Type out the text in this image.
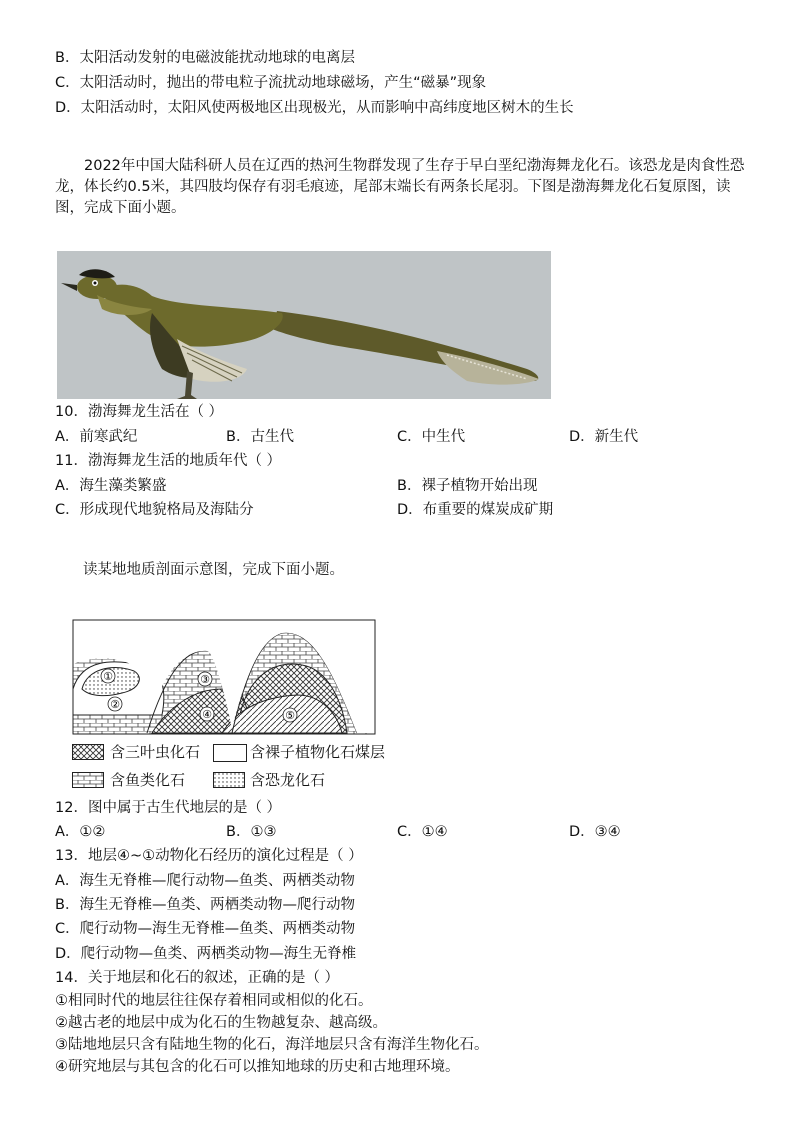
B．太阳活动发射的电磁波能扰动地球的电离层
C．太阳活动时，抛出的带电粒子流扰动地球磁场，产生“磁暴”现象
D．太阳活动时，太阳风使两极地区出现极光，从而影响中高纬度地区树木的生长
2022年中国大陆科研人员在辽西的热河生物群发现了生存于早白垩纪渤海舞龙化石。该恐龙是肉食性恐龙，体长约0.5米，其四肢均保存有羽毛痕迹，尾部末端长有两条长尾羽。下图是渤海舞龙化石复原图，读图，完成下面小题。
10．渤海舞龙生活在（ ）
A．前寒武纪	B．古生代	C．中生代	D．新生代
11．渤海舞龙生活的地质年代（ ）
A．海生藻类繁盛	B．裸子植物开始出现
C．形成现代地貌格局及海陆分	D．布重要的煤炭成矿期
读某地地质剖面示意图，完成下面小题。
①
②
③
④	⑤
含三叶虫化石	含裸子植物化石煤层
含鱼类化石	含恐龙化石
12．图中属于古生代地层的是（ ）
A．①②	B．①③	C．①④	D．③④
13．地层④~①动物化石经历的演化过程是（ ）
A．海生无脊椎—爬行动物—鱼类、两栖类动物
B．海生无脊椎—鱼类、两栖类动物—爬行动物
C．爬行动物—海生无脊椎—鱼类、两栖类动物
D．爬行动物—鱼类、两栖类动物—海生无脊椎
14．关于地层和化石的叙述，正确的是（ ）
①相同时代的地层往往保存着相同或相似的化石。
②越古老的地层中成为化石的生物越复杂、越高级。
③陆地地层只含有陆地生物的化石，海洋地层只含有海洋生物化石。
④研究地层与其包含的化石可以推知地球的历史和古地理环境。
